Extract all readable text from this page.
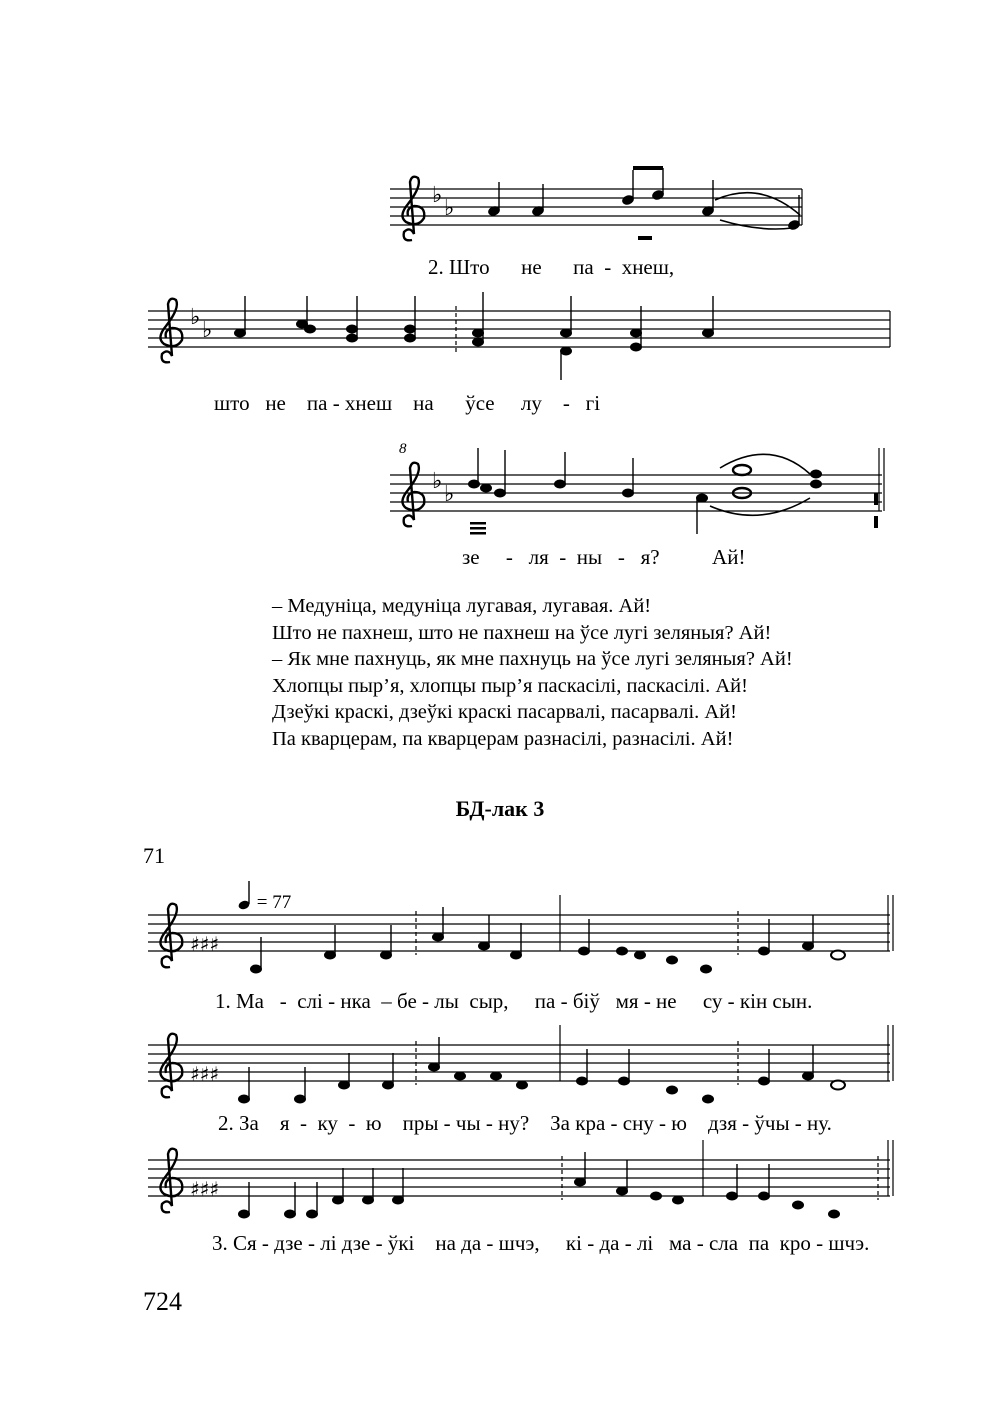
♭
♭
2. Што      не      па  -  хнеш,
♭
♭
што   не    па - хнеш    на      ўсе     лу    -   гі
8
♭
♭
зе     -   ля  -  ны   -   я?          Ай!
– Медуніца, медуніца лугавая, лугавая. Ай!
Што не пахнеш, што не пахнеш на ўсе лугі зеляныя? Ай!
– Як мне пахнуць, як мне пахнуць на ўсе лугі зеляныя? Ай!
Хлопцы пыр’я, хлопцы пыр’я паскасілі, паскасілі. Ай!
Дзеўкі краскі, дзеўкі краскі пасарвалі, пасарвалі. Ай!
Па кварцерам, па кварцерам разнасілі, разнасілі. Ай!
БД-лак 3
71
= 77
♯♯♯
1. Ма   -  слі - нка  – бе - лы  сыр,     па - біў   мя - не     су - кін сын.
♯♯♯
2. За    я  -  ку  -  ю    пры - чы - ну?    За кра - сну - ю    дзя - ўчы - ну.
♯♯♯
3. Ся - дзе - лі дзе - ўкі    на да - шчэ,     кі - да - лі   ма - сла  па  кро - шчэ.
724
